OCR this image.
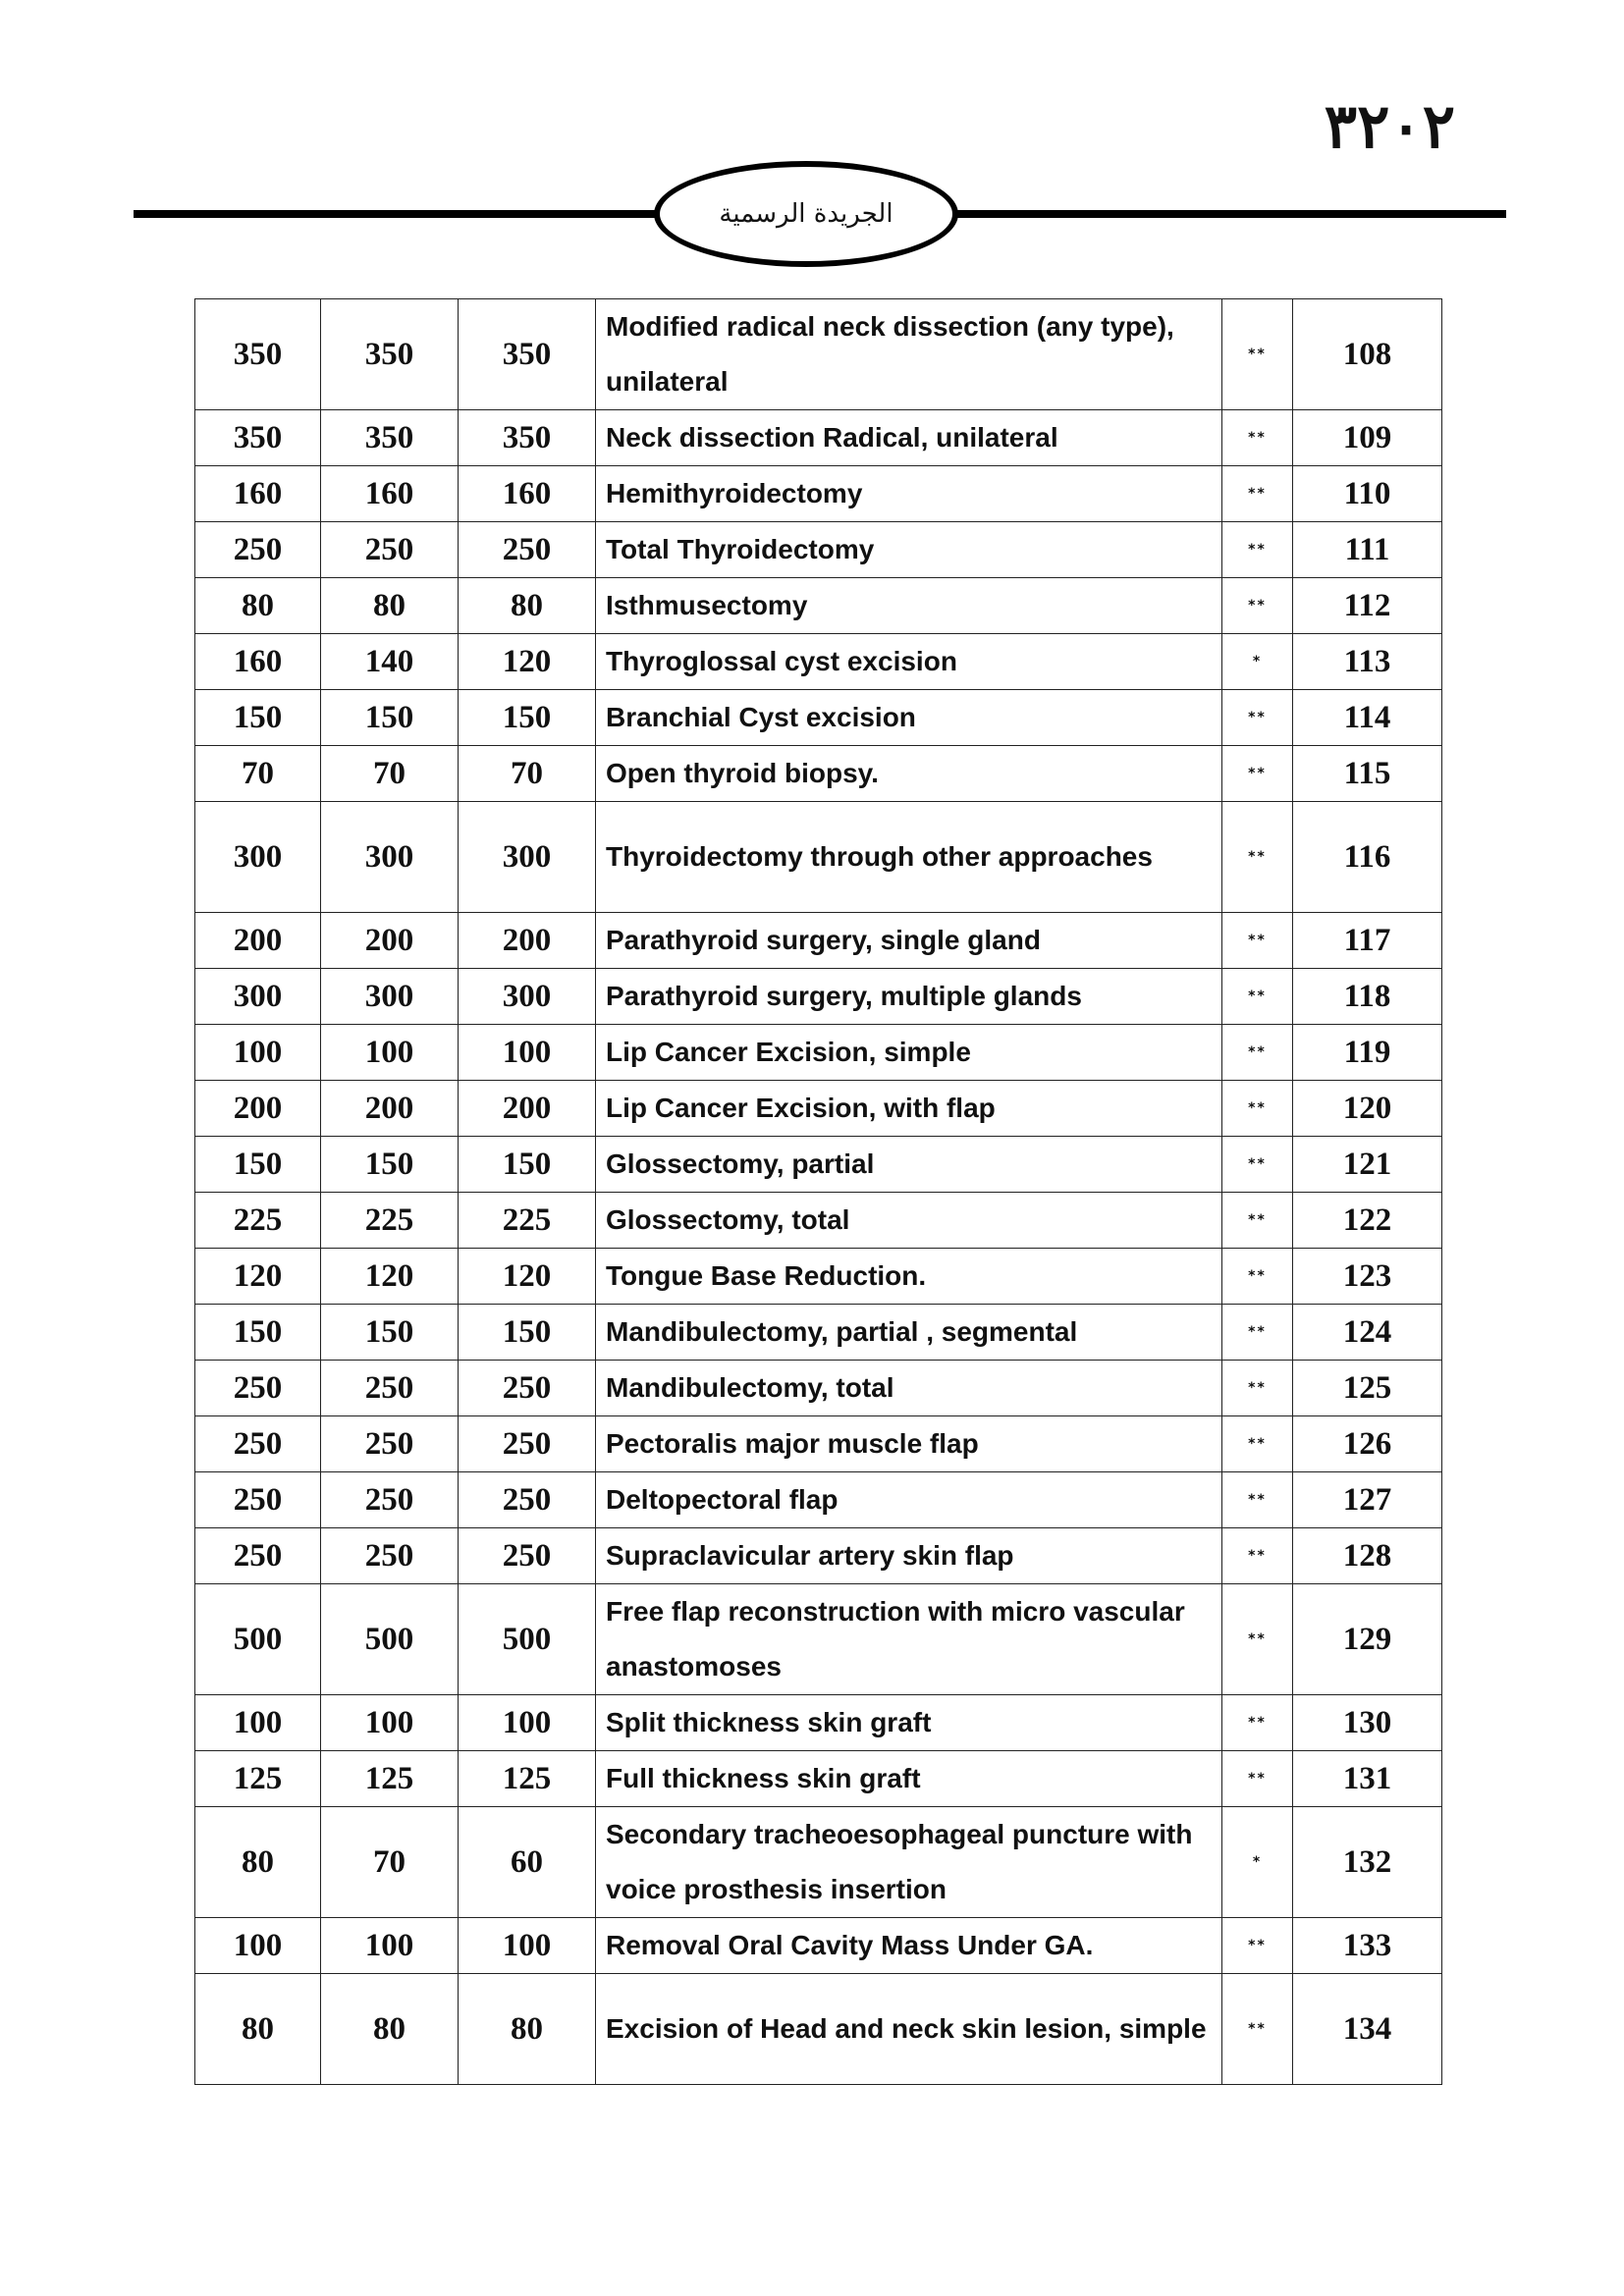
٣٢٠٢
الجريدة الرسمية
350	350	350	Modified radical neck dissection (any type), unilateral	**	108
350	350	350	Neck dissection Radical, unilateral	**	109
160	160	160	Hemithyroidectomy	**	110
250	250	250	Total Thyroidectomy	**	111
80	80	80	Isthmusectomy	**	112
160	140	120	Thyroglossal cyst excision	*	113
150	150	150	Branchial Cyst excision	**	114
70	70	70	Open thyroid biopsy.	**	115
300	300	300	Thyroidectomy through other approaches	**	116
200	200	200	Parathyroid surgery, single gland	**	117
300	300	300	Parathyroid surgery, multiple glands	**	118
100	100	100	Lip Cancer Excision, simple	**	119
200	200	200	Lip Cancer Excision, with flap	**	120
150	150	150	Glossectomy, partial	**	121
225	225	225	Glossectomy, total	**	122
120	120	120	Tongue Base Reduction.	**	123
150	150	150	Mandibulectomy, partial , segmental	**	124
250	250	250	Mandibulectomy, total	**	125
250	250	250	Pectoralis major muscle flap	**	126
250	250	250	Deltopectoral flap	**	127
250	250	250	Supraclavicular artery skin flap	**	128
500	500	500	Free flap reconstruction with micro vascular anastomoses	**	129
100	100	100	Split thickness skin graft	**	130
125	125	125	Full thickness skin graft	**	131
80	70	60	Secondary tracheoesophageal puncture with voice prosthesis insertion	*	132
100	100	100	Removal Oral Cavity Mass Under GA.	**	133
80	80	80	Excision of Head and neck skin lesion, simple	**	134
